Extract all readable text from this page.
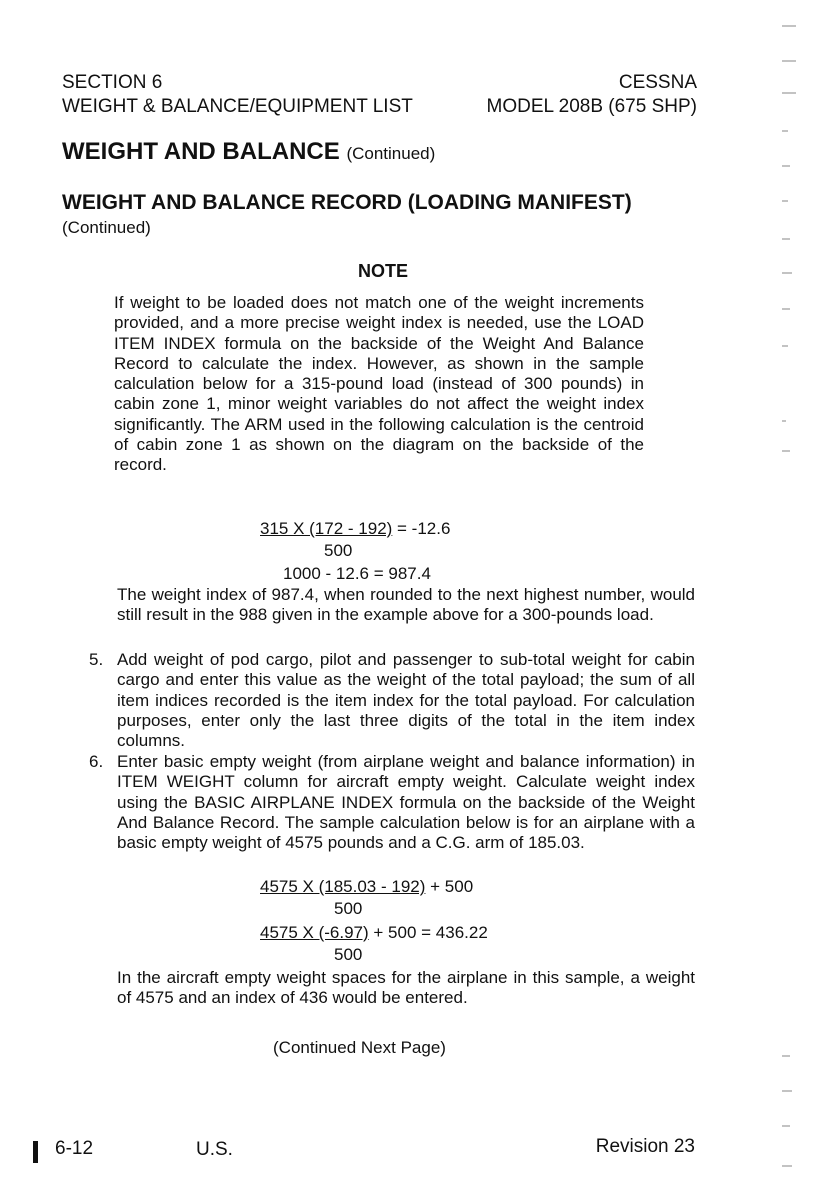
SECTION 6
WEIGHT & BALANCE/EQUIPMENT LIST
CESSNA
MODEL 208B (675 SHP)
WEIGHT AND BALANCE (Continued)
WEIGHT AND BALANCE RECORD (LOADING MANIFEST)
(Continued)
NOTE
If weight to be loaded does not match one of the weight increments provided, and a more precise weight index is needed, use the LOAD ITEM INDEX formula on the backside of the Weight And Balance Record to calculate the index. However, as shown in the sample calculation below for a 315-pound load (instead of 300 pounds) in cabin zone 1, minor weight variables do not affect the weight index significantly. The ARM used in the following calculation is the centroid of cabin zone 1 as shown on the diagram on the backside of the record.
315 X (172 - 192) = -12.6
500
1000 - 12.6 = 987.4
The weight index of 987.4, when rounded to the next highest number, would still result in the 988 given in the example above for a 300-pounds load.
5. Add weight of pod cargo, pilot and passenger to sub-total weight for cabin cargo and enter this value as the weight of the total payload; the sum of all item indices recorded is the item index for the total payload. For calculation purposes, enter only the last three digits of the total in the item index columns.
6. Enter basic empty weight (from airplane weight and balance information) in ITEM WEIGHT column for aircraft empty weight. Calculate weight index using the BASIC AIRPLANE INDEX formula on the backside of the Weight And Balance Record. The sample calculation below is for an airplane with a basic empty weight of 4575 pounds and a C.G. arm of 185.03.
4575 X (185.03 - 192) + 500
500
4575 X (-6.97) + 500 = 436.22
500
In the aircraft empty weight spaces for the airplane in this sample, a weight of 4575 and an index of 436 would be entered.
(Continued Next Page)
6-12	U.S.	Revision 23
